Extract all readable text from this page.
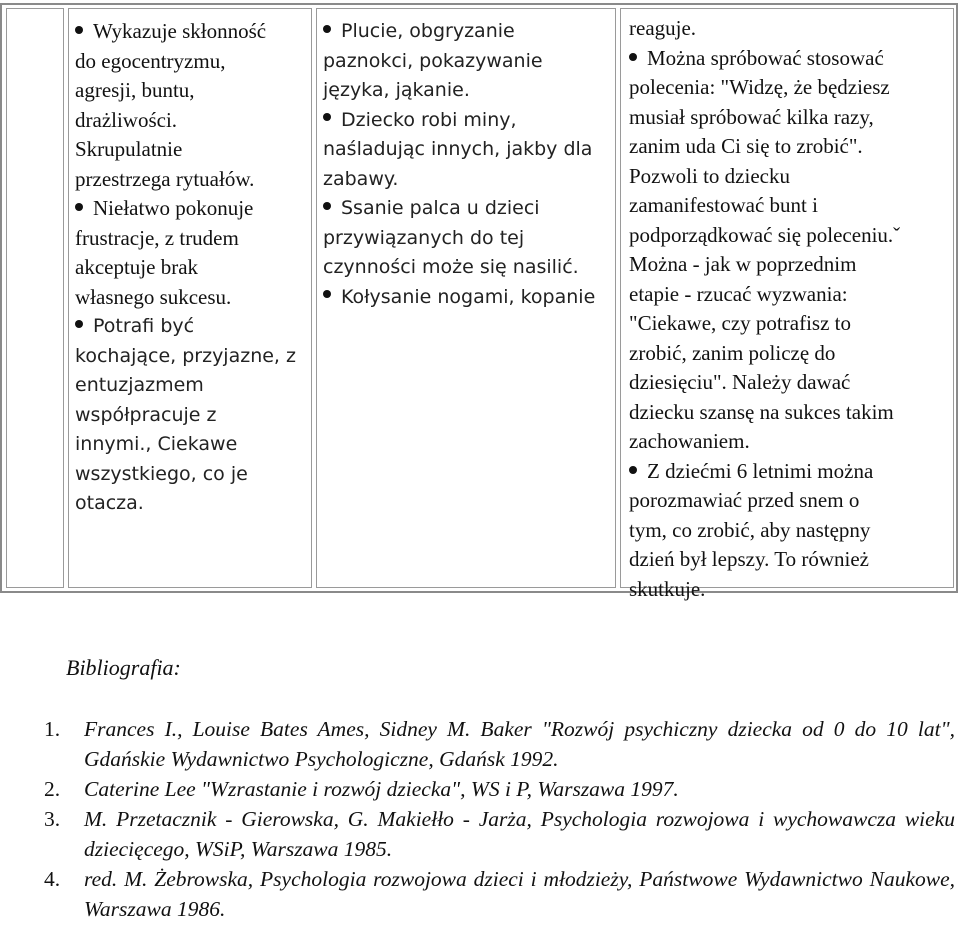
Wykazuje skłonność
do egocentryzmu,
agresji, buntu,
drażliwości.
Skrupulatnie
przestrzega rytuałów.
Niełatwo pokonuje
frustracje, z trudem
akceptuje brak
własnego sukcesu.
Potrafi być
kochające, przyjazne, z
entuzjazmem
współpracuje z
innymi., Ciekawe
wszystkiego, co je
otacza.
Plucie, obgryzanie
paznokci, pokazywanie
języka, jąkanie.
Dziecko robi miny,
naśladując innych, jakby dla
zabawy.
Ssanie palca u dzieci
przywiązanych do tej
czynności może się nasilić.
Kołysanie nogami, kopanie
reaguje.
Można spróbować stosować
polecenia: "Widzę, że będziesz
musiał spróbować kilka razy,
zanim uda Ci się to zrobić".
Pozwoli to dziecku
zamanifestować bunt i
podporządkować się poleceniu.ˇ
Można - jak w poprzednim
etapie - rzucać wyzwania:
"Ciekawe, czy potrafisz to
zrobić, zanim policzę do
dziesięciu". Należy dawać
dziecku szansę na sukces takim
zachowaniem.
Z dziećmi 6 letnimi można
porozmawiać przed snem o
tym, co zrobić, aby następny
dzień był lepszy. To również
skutkuje.
Bibliografia:
1. Frances I., Louise Bates Ames, Sidney M. Baker "Rozwój psychiczny dziecka od 0 do 10 lat", Gdańskie Wydawnictwo Psychologiczne, Gdańsk 1992.
2. Caterine Lee "Wzrastanie i rozwój dziecka", WS i P, Warszawa 1997.
3. M. Przetacznik - Gierowska, G. Makiełło - Jarża, Psychologia rozwojowa i wychowawcza wieku dziecięcego, WSiP, Warszawa 1985.
4. red. M. Żebrowska, Psychologia rozwojowa dzieci i młodzieży, Państwowe Wydawnictwo Naukowe, Warszawa 1986.
